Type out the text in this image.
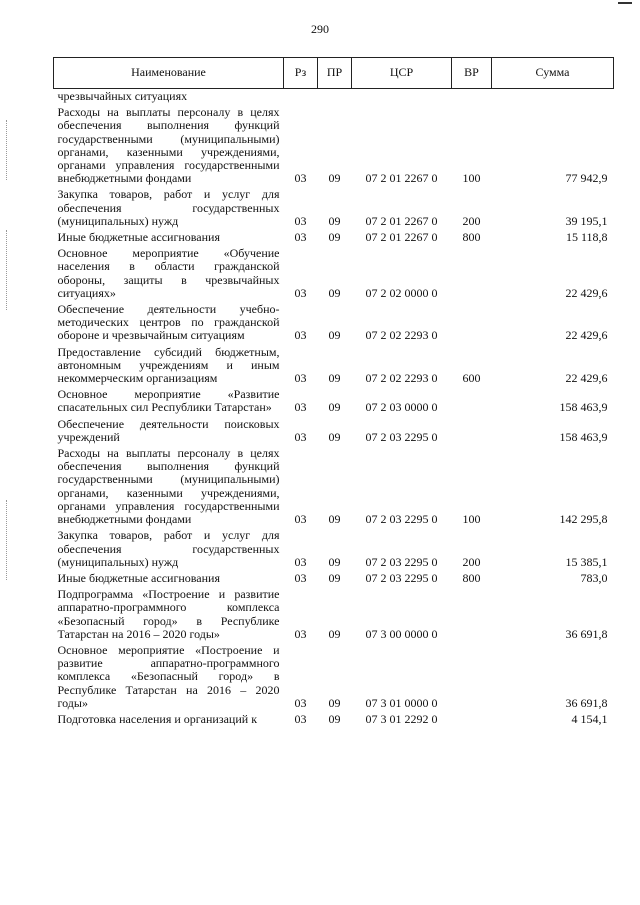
290
Наименование	Рз	ПР	ЦСР	ВР	Сумма
чрезвычайных ситуациях					
Расходы на выплаты персоналу в целях обеспечения выполнения функций государственными (муниципальными) органами, казенными учреждениями, органами управления государственными внебюджетными фондами	03	09	07 2 01 2267 0	100	77 942,9
Закупка товаров, работ и услуг для обеспечения государственных (муниципальных) нужд	03	09	07 2 01 2267 0	200	39 195,1
Иные бюджетные ассигнования	03	09	07 2 01 2267 0	800	15 118,8
Основное мероприятие «Обучение населения в области гражданской обороны, защиты в чрезвычайных ситуациях»	03	09	07 2 02 0000 0		22 429,6
Обеспечение деятельности учебно-методических центров по гражданской обороне и чрезвычайным ситуациям	03	09	07 2 02 2293 0		22 429,6
Предоставление субсидий бюджетным, автономным учреждениям и иным некоммерческим организациям	03	09	07 2 02 2293 0	600	22 429,6
Основное мероприятие «Развитие спасательных сил Республики Татарстан»	03	09	07 2 03 0000 0		158 463,9
Обеспечение деятельности поисковых учреждений	03	09	07 2 03 2295 0		158 463,9
Расходы на выплаты персоналу в целях обеспечения выполнения функций государственными (муниципальными) органами, казенными учреждениями, органами управления государственными внебюджетными фондами	03	09	07 2 03 2295 0	100	142 295,8
Закупка товаров, работ и услуг для обеспечения государственных (муниципальных) нужд	03	09	07 2 03 2295 0	200	15 385,1
Иные бюджетные ассигнования	03	09	07 2 03 2295 0	800	783,0
Подпрограмма «Построение и развитие аппаратно-программного комплекса «Безопасный город» в Республике Татарстан на 2016 – 2020 годы»	03	09	07 3 00 0000 0		36 691,8
Основное мероприятие «Построение и развитие аппаратно-программного комплекса «Безопасный город» в Республике Татарстан на 2016 – 2020 годы»	03	09	07 3 01 0000 0		36 691,8
Подготовка населения и организаций к	03	09	07 3 01 2292 0		4 154,1
